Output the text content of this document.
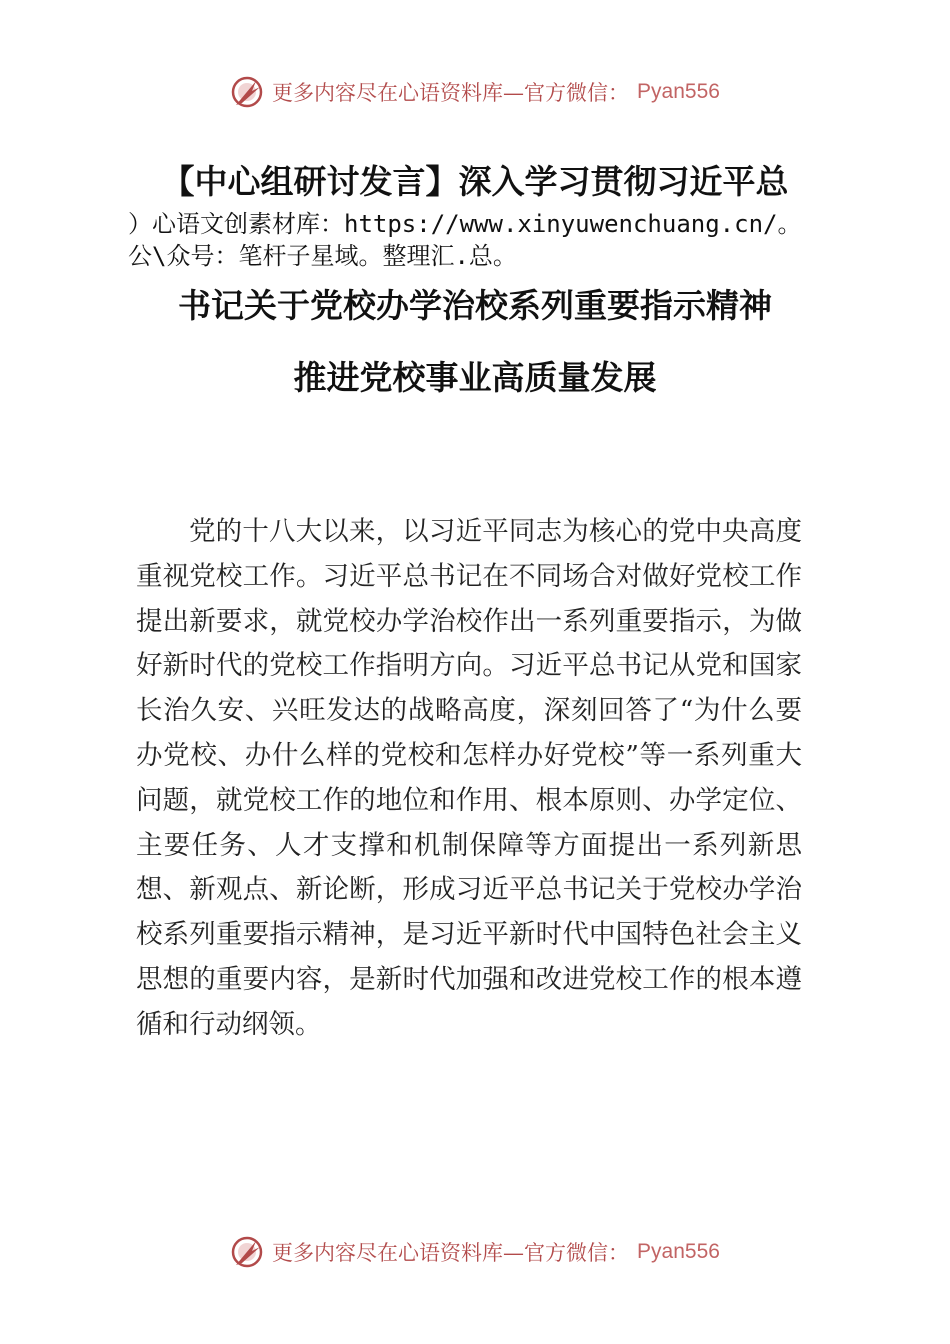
更多内容尽在心语资料库—官方微信： Pyan556
【中心组研讨发言】深入学习贯彻习近平总
）心语文创素材库：https://www.xinyuwenchuang.cn/。
公\众号：笔杆子星域。整理汇.总。
书记关于党校办学治校系列重要指示精神
推进党校事业高质量发展

党的十八大以来，以习近平同志为核心的党中央高度重视党校工作。习近平总书记在不同场合对做好党校工作提出新要求，就党校办学治校作出一系列重要指示，为做好新时代的党校工作指明方向。习近平总书记从党和国家长治久安、兴旺发达的战略高度，深刻回答了“为什么要办党校、办什么样的党校和怎样办好党校”等一系列重大问题，就党校工作的地位和作用、根本原则、办学定位、主要任务、人才支撑和机制保障等方面提出一系列新思想、新观点、新论断，形成习近平总书记关于党校办学治校系列重要指示精神，是习近平新时代中国特色社会主义思想的重要内容，是新时代加强和改进党校工作的根本遵循和行动纲领。

更多内容尽在心语资料库—官方微信： Pyan556
